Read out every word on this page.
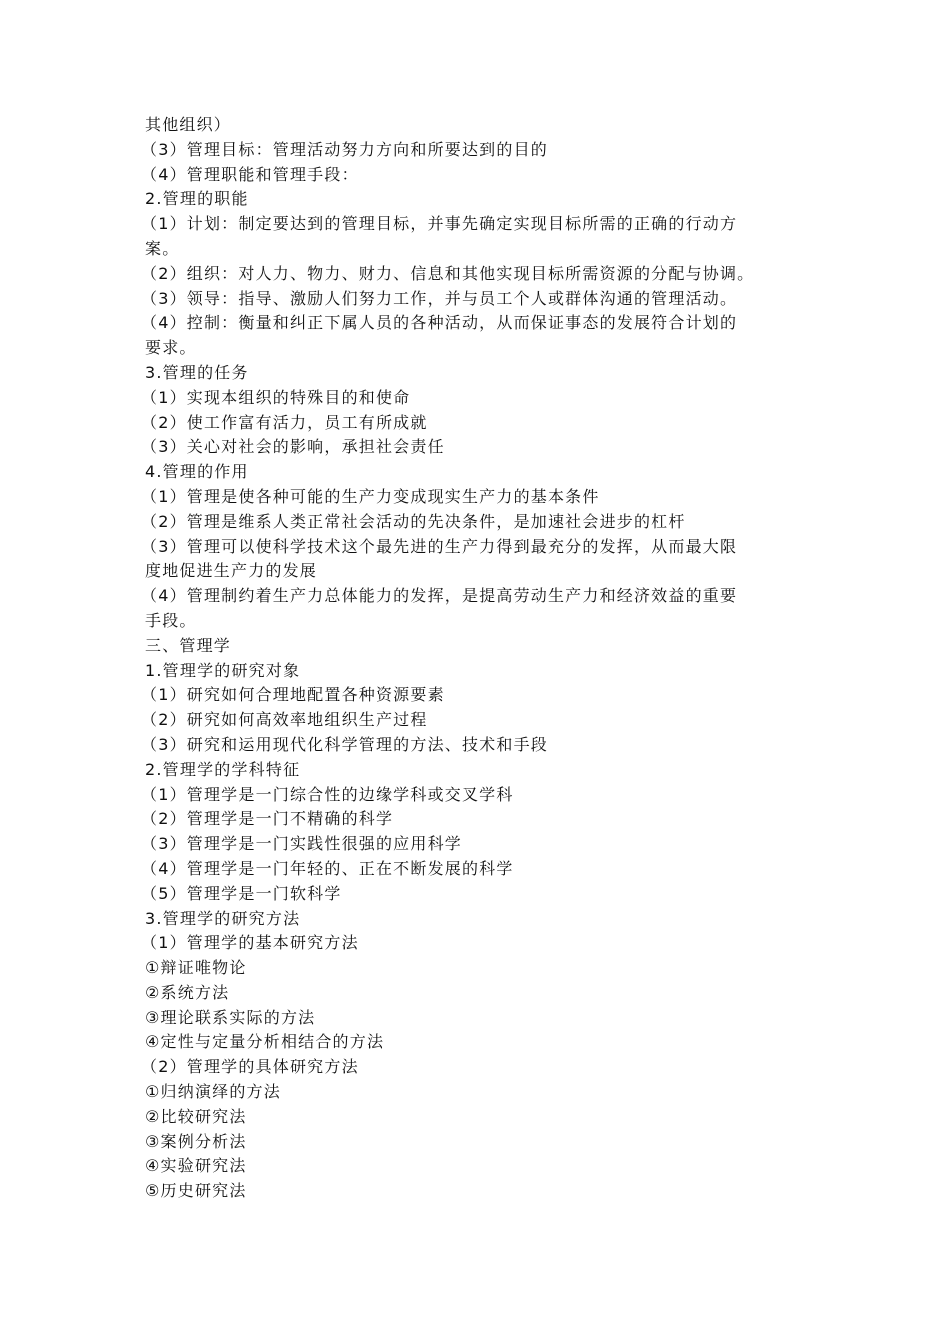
其他组织）
（3）管理目标：管理活动努力方向和所要达到的目的
（4）管理职能和管理手段：
2.管理的职能
（1）计划：制定要达到的管理目标，并事先确定实现目标所需的正确的行动方
案。
（2）组织：对人力、物力、财力、信息和其他实现目标所需资源的分配与协调。
（3）领导：指导、激励人们努力工作，并与员工个人或群体沟通的管理活动。
（4）控制：衡量和纠正下属人员的各种活动，从而保证事态的发展符合计划的
要求。
3.管理的任务
（1）实现本组织的特殊目的和使命
（2）使工作富有活力，员工有所成就
（3）关心对社会的影响，承担社会责任
4.管理的作用
（1）管理是使各种可能的生产力变成现实生产力的基本条件
（2）管理是维系人类正常社会活动的先决条件，是加速社会进步的杠杆
（3）管理可以使科学技术这个最先进的生产力得到最充分的发挥，从而最大限
度地促进生产力的发展
（4）管理制约着生产力总体能力的发挥，是提高劳动生产力和经济效益的重要
手段。
三、管理学
1.管理学的研究对象
（1）研究如何合理地配置各种资源要素
（2）研究如何高效率地组织生产过程
（3）研究和运用现代化科学管理的方法、技术和手段
2.管理学的学科特征
（1）管理学是一门综合性的边缘学科或交叉学科
（2）管理学是一门不精确的科学
（3）管理学是一门实践性很强的应用科学
（4）管理学是一门年轻的、正在不断发展的科学
（5）管理学是一门软科学
3.管理学的研究方法
（1）管理学的基本研究方法
①辩证唯物论
②系统方法
③理论联系实际的方法
④定性与定量分析相结合的方法
（2）管理学的具体研究方法
①归纳演绎的方法
②比较研究法
③案例分析法
④实验研究法
⑤历史研究法
